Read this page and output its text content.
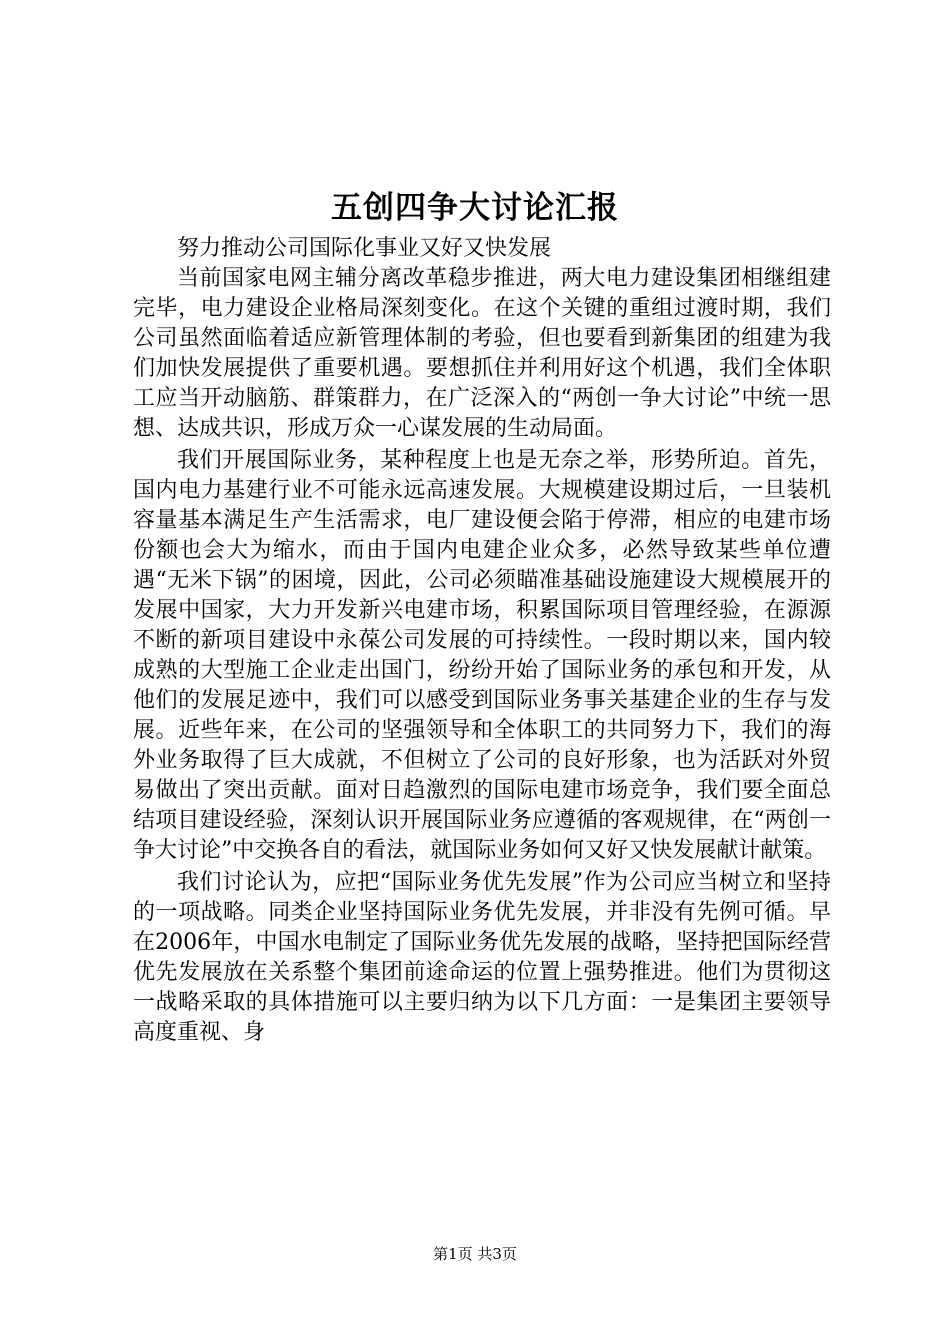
五创四争大讨论汇报

努力推动公司国际化事业又好又快发展

当前国家电网主辅分离改革稳步推进，两大电力建设集团相继组建完毕，电力建设企业格局深刻变化。在这个关键的重组过渡时期，我们公司虽然面临着适应新管理体制的考验，但也要看到新集团的组建为我们加快发展提供了重要机遇。要想抓住并利用好这个机遇，我们全体职工应当开动脑筋、群策群力，在广泛深入的“两创一争大讨论”中统一思想、达成共识，形成万众一心谋发展的生动局面。

我们开展国际业务，某种程度上也是无奈之举，形势所迫。首先，国内电力基建行业不可能永远高速发展。大规模建设期过后，一旦装机容量基本满足生产生活需求，电厂建设便会陷于停滞，相应的电建市场份额也会大为缩水，而由于国内电建企业众多，必然导致某些单位遭遇“无米下锅”的困境，因此，公司必须瞄准基础设施建设大规模展开的发展中国家，大力开发新兴电建市场，积累国际项目管理经验，在源源不断的新项目建设中永葆公司发展的可持续性。一段时期以来，国内较成熟的大型施工企业走出国门，纷纷开始了国际业务的承包和开发，从他们的发展足迹中，我们可以感受到国际业务事关基建企业的生存与发展。近些年来，在公司的坚强领导和全体职工的共同努力下，我们的海外业务取得了巨大成就，不但树立了公司的良好形象，也为活跃对外贸易做出了突出贡献。面对日趋激烈的国际电建市场竞争，我们要全面总结项目建设经验，深刻认识开展国际业务应遵循的客观规律，在“两创一争大讨论”中交换各自的看法，就国际业务如何又好又快发展献计献策。

我们讨论认为，应把“国际业务优先发展”作为公司应当树立和坚持的一项战略。同类企业坚持国际业务优先发展，并非没有先例可循。早在2006年，中国水电制定了国际业务优先发展的战略，坚持把国际经营优先发展放在关系整个集团前途命运的位置上强势推进。他们为贯彻这一战略采取的具体措施可以主要归纳为以下几方面：一是集团主要领导高度重视、身

第1页 共3页
